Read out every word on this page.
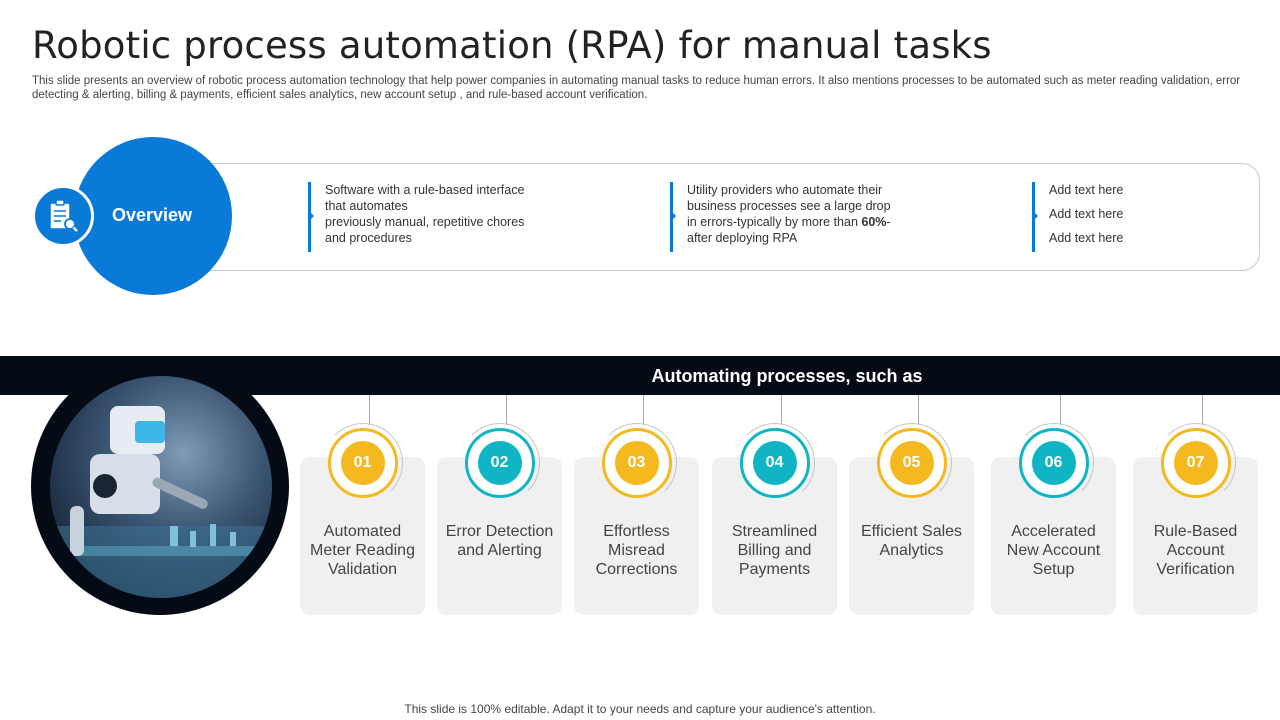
Robotic process automation (RPA) for manual tasks
This slide presents an overview of robotic process automation technology that help power companies in automating manual tasks to reduce human errors. It also mentions processes to be automated such as meter reading validation, error detecting & alerting, billing & payments, efficient sales analytics, new account setup , and rule-based account verification.
Overview
Software with a rule-based interface
that automates
previously manual, repetitive chores
and procedures
Utility providers who automate their
business processes see a large drop
in errors-typically by more than 60%-
after deploying RPA
Add text here
Add text here
Add text here
Automating processes, such as
01
Automated Meter Reading Validation
02
Error Detection and Alerting
03
Effortless Misread Corrections
04
Streamlined Billing and Payments
05
Efficient Sales Analytics
06
Accelerated New Account Setup
07
Rule-Based Account Verification
This slide is 100% editable. Adapt it to your needs and capture your audience's attention.
